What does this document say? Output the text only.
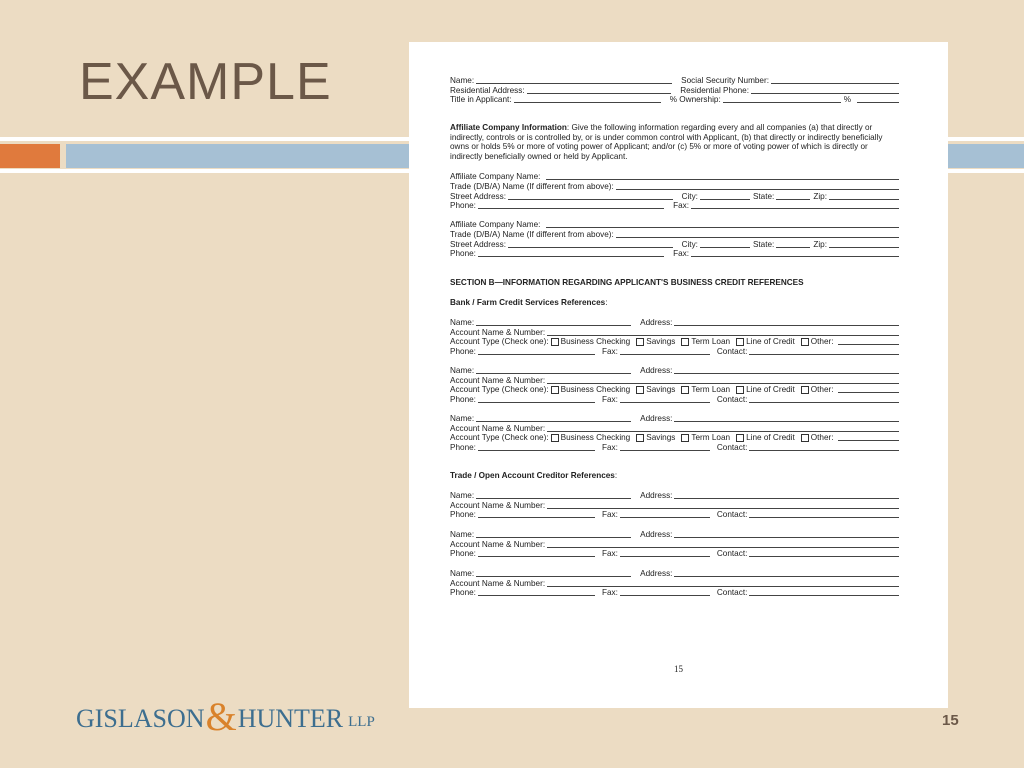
EXAMPLE	Name:	Social Security Number:
Residential Address:	Residential Phone:
Title in Applicant:	% Ownership:	%
Affiliate Company Information: Give the following information regarding every and all companies (a) that directly or indirectly, controls or is controlled by, or is under common control with Applicant, (b) that directly or indirectly beneficially owns or holds 5% or more of voting power of Applicant; and/or (c) 5% or more of voting power of which is directly or indirectly beneficially owned or held by Applicant.
Affiliate Company Name:
Trade (D/B/A) Name (If different from above):
Street Address:	City:	State:	Zip:
Phone:	Fax:
Affiliate Company Name:
Trade (D/B/A) Name (If different from above):
Street Address:	City:	State:	Zip:
Phone:	Fax:
SECTION B—INFORMATION REGARDING APPLICANT'S BUSINESS CREDIT REFERENCES
Bank / Farm Credit Services References:
Name:	Address:
Account Name & Number:
Account Type (Check one): Business Checking Savings Term Loan Line of Credit Other:
Phone:	Fax:	Contact:
Name:	Address:
Account Name & Number:
Account Type (Check one): Business Checking Savings Term Loan Line of Credit Other:
Phone:	Fax:	Contact:
Name:	Address:
Account Name & Number:
Account Type (Check one): Business Checking Savings Term Loan Line of Credit Other:
Phone:	Fax:	Contact:
Trade / Open Account Creditor References:
Name:	Address:
Account Name & Number:
Phone:	Fax:	Contact:
Name:	Address:
Account Name & Number:
Phone:	Fax:	Contact:
Name:	Address:
Account Name & Number:
Phone:	Fax:	Contact:
15
GISLASON & HUNTER LLP	15
